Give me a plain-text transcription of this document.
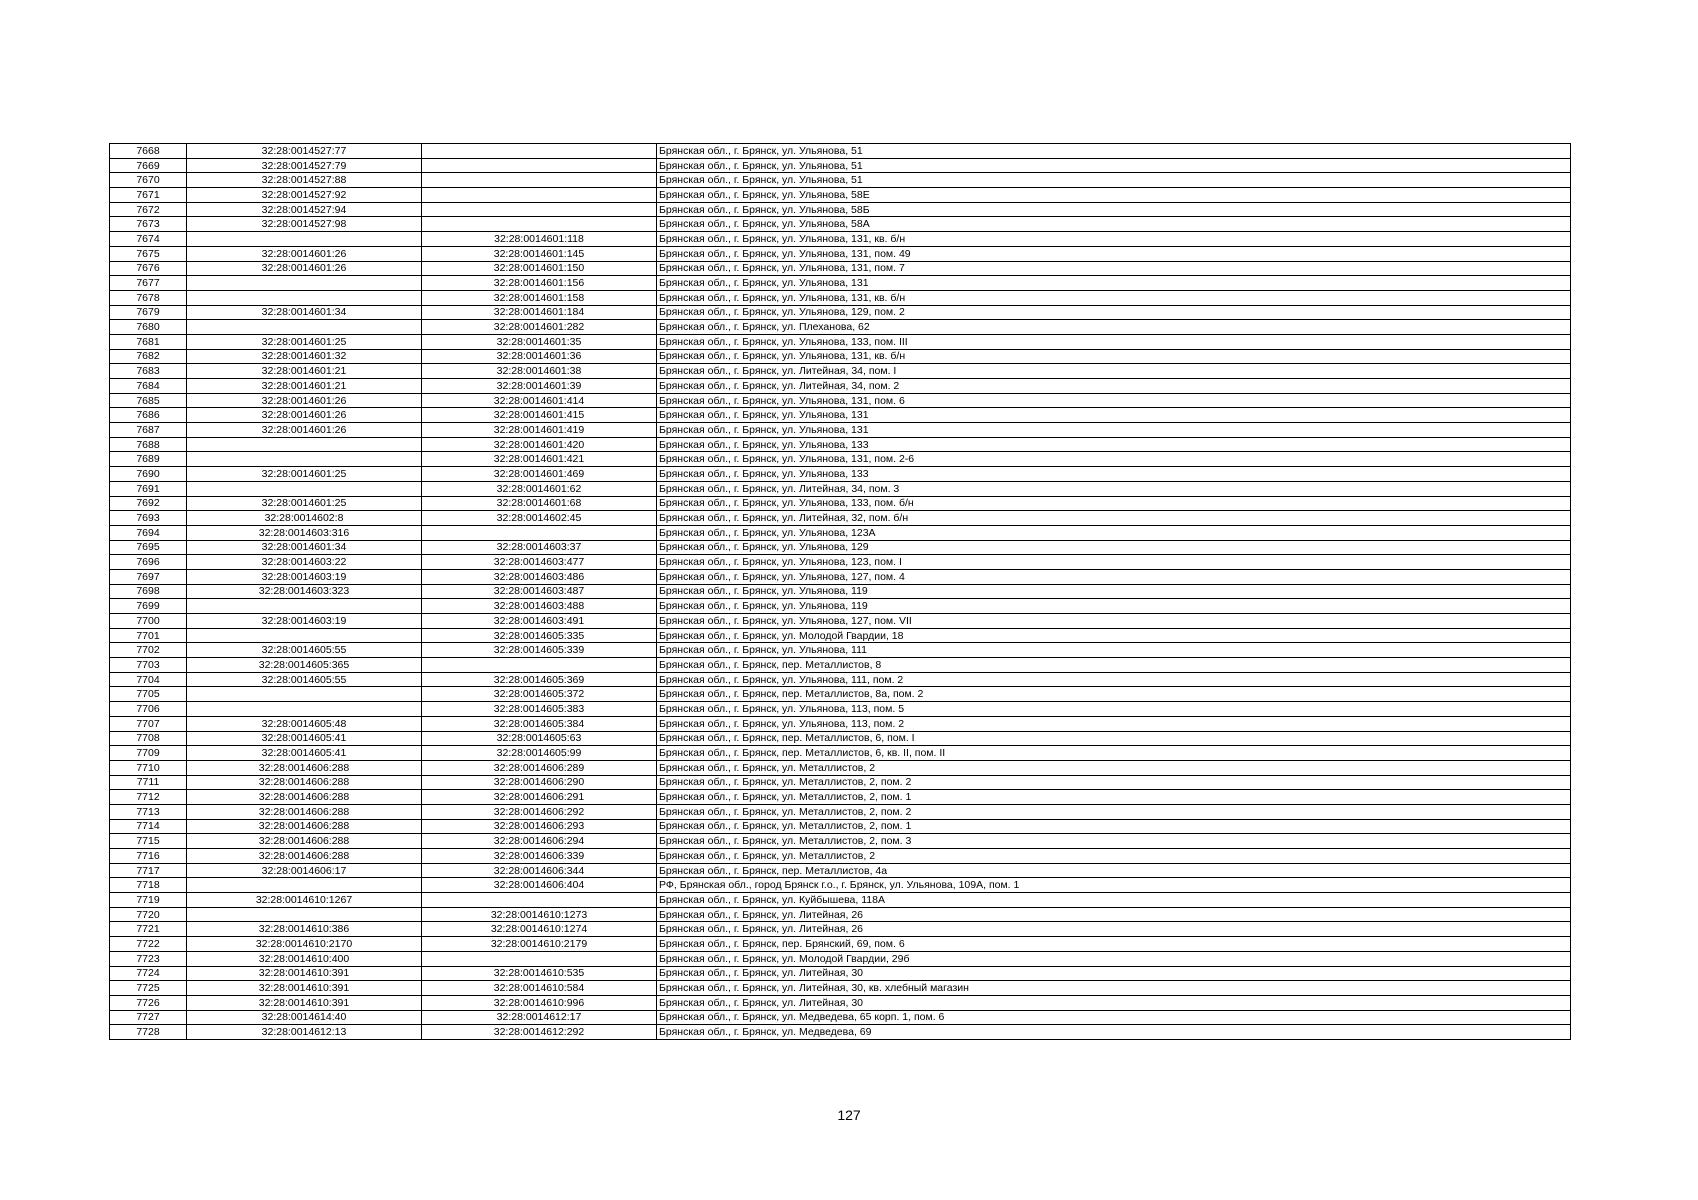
7668	32:28:0014527:77		Брянская обл., г. Брянск, ул. Ульянова, 51
7669	32:28:0014527:79		Брянская обл., г. Брянск, ул. Ульянова, 51
7670	32:28:0014527:88		Брянская обл., г. Брянск, ул. Ульянова, 51
7671	32:28:0014527:92		Брянская обл., г. Брянск, ул. Ульянова, 58Е
7672	32:28:0014527:94		Брянская обл., г. Брянск, ул. Ульянова, 58Б
7673	32:28:0014527:98		Брянская обл., г. Брянск, ул. Ульянова, 58А
7674		32:28:0014601:118	Брянская обл., г. Брянск, ул. Ульянова, 131, кв. б/н
7675	32:28:0014601:26	32:28:0014601:145	Брянская обл., г. Брянск, ул. Ульянова, 131, пом. 49
7676	32:28:0014601:26	32:28:0014601:150	Брянская обл., г. Брянск, ул. Ульянова, 131, пом. 7
7677		32:28:0014601:156	Брянская обл., г. Брянск, ул. Ульянова, 131
7678		32:28:0014601:158	Брянская обл., г. Брянск, ул. Ульянова, 131, кв. б/н
7679	32:28:0014601:34	32:28:0014601:184	Брянская обл., г. Брянск, ул. Ульянова, 129, пом. 2
7680		32:28:0014601:282	Брянская обл., г. Брянск, ул. Плеханова, 62
7681	32:28:0014601:25	32:28:0014601:35	Брянская обл., г. Брянск, ул. Ульянова, 133, пом. III
7682	32:28:0014601:32	32:28:0014601:36	Брянская обл., г. Брянск, ул. Ульянова, 131, кв. б/н
7683	32:28:0014601:21	32:28:0014601:38	Брянская обл., г. Брянск, ул. Литейная, 34, пом. I
7684	32:28:0014601:21	32:28:0014601:39	Брянская обл., г. Брянск, ул. Литейная, 34, пом. 2
7685	32:28:0014601:26	32:28:0014601:414	Брянская обл., г. Брянск, ул. Ульянова, 131, пом. 6
7686	32:28:0014601:26	32:28:0014601:415	Брянская обл., г. Брянск, ул. Ульянова, 131
7687	32:28:0014601:26	32:28:0014601:419	Брянская обл., г. Брянск, ул. Ульянова, 131
7688		32:28:0014601:420	Брянская обл., г. Брянск, ул. Ульянова, 133
7689		32:28:0014601:421	Брянская обл., г. Брянск, ул. Ульянова, 131, пом. 2-6
7690	32:28:0014601:25	32:28:0014601:469	Брянская обл., г. Брянск, ул. Ульянова, 133
7691		32:28:0014601:62	Брянская обл., г. Брянск, ул. Литейная, 34, пом. 3
7692	32:28:0014601:25	32:28:0014601:68	Брянская обл., г. Брянск, ул. Ульянова, 133, пом. б/н
7693	32:28:0014602:8	32:28:0014602:45	Брянская обл., г. Брянск, ул. Литейная, 32, пом. б/н
7694	32:28:0014603:316		Брянская обл., г. Брянск, ул. Ульянова, 123А
7695	32:28:0014601:34	32:28:0014603:37	Брянская обл., г. Брянск, ул. Ульянова, 129
7696	32:28:0014603:22	32:28:0014603:477	Брянская обл., г. Брянск, ул. Ульянова, 123, пом. I
7697	32:28:0014603:19	32:28:0014603:486	Брянская обл., г. Брянск, ул. Ульянова, 127, пом. 4
7698	32:28:0014603:323	32:28:0014603:487	Брянская обл., г. Брянск, ул. Ульянова, 119
7699		32:28:0014603:488	Брянская обл., г. Брянск, ул. Ульянова, 119
7700	32:28:0014603:19	32:28:0014603:491	Брянская обл., г. Брянск, ул. Ульянова, 127, пом. VII
7701		32:28:0014605:335	Брянская обл., г. Брянск, ул. Молодой Гвардии, 18
7702	32:28:0014605:55	32:28:0014605:339	Брянская обл., г. Брянск, ул. Ульянова, 111
7703	32:28:0014605:365		Брянская обл., г. Брянск, пер. Металлистов, 8
7704	32:28:0014605:55	32:28:0014605:369	Брянская обл., г. Брянск, ул. Ульянова, 111, пом. 2
7705		32:28:0014605:372	Брянская обл., г. Брянск, пер. Металлистов, 8а, пом. 2
7706		32:28:0014605:383	Брянская обл., г. Брянск, ул. Ульянова, 113, пом. 5
7707	32:28:0014605:48	32:28:0014605:384	Брянская обл., г. Брянск, ул. Ульянова, 113, пом. 2
7708	32:28:0014605:41	32:28:0014605:63	Брянская обл., г. Брянск, пер. Металлистов, 6, пом. I
7709	32:28:0014605:41	32:28:0014605:99	Брянская обл., г. Брянск, пер. Металлистов, 6, кв. II, пом. II
7710	32:28:0014606:288	32:28:0014606:289	Брянская обл., г. Брянск, ул. Металлистов, 2
7711	32:28:0014606:288	32:28:0014606:290	Брянская обл., г. Брянск, ул. Металлистов, 2, пом. 2
7712	32:28:0014606:288	32:28:0014606:291	Брянская обл., г. Брянск, ул. Металлистов, 2, пом. 1
7713	32:28:0014606:288	32:28:0014606:292	Брянская обл., г. Брянск, ул. Металлистов, 2, пом. 2
7714	32:28:0014606:288	32:28:0014606:293	Брянская обл., г. Брянск, ул. Металлистов, 2, пом. 1
7715	32:28:0014606:288	32:28:0014606:294	Брянская обл., г. Брянск, ул. Металлистов, 2, пом. 3
7716	32:28:0014606:288	32:28:0014606:339	Брянская обл., г. Брянск, ул. Металлистов, 2
7717	32:28:0014606:17	32:28:0014606:344	Брянская обл., г. Брянск, пер. Металлистов, 4а
7718		32:28:0014606:404	РФ, Брянская обл., город Брянск г.о., г. Брянск, ул. Ульянова, 109А, пом. 1
7719	32:28:0014610:1267		Брянская обл., г. Брянск, ул. Куйбышева, 118А
7720		32:28:0014610:1273	Брянская обл., г. Брянск, ул. Литейная, 26
7721	32:28:0014610:386	32:28:0014610:1274	Брянская обл., г. Брянск, ул. Литейная, 26
7722	32:28:0014610:2170	32:28:0014610:2179	Брянская обл., г. Брянск, пер. Брянский, 69, пом. 6
7723	32:28:0014610:400		Брянская обл., г. Брянск, ул. Молодой Гвардии, 29б
7724	32:28:0014610:391	32:28:0014610:535	Брянская обл., г. Брянск, ул. Литейная, 30
7725	32:28:0014610:391	32:28:0014610:584	Брянская обл., г. Брянск, ул. Литейная, 30, кв. хлебный магазин
7726	32:28:0014610:391	32:28:0014610:996	Брянская обл., г. Брянск, ул. Литейная, 30
7727	32:28:0014614:40	32:28:0014612:17	Брянская обл., г. Брянск, ул. Медведева, 65 корп. 1, пом. 6
7728	32:28:0014612:13	32:28:0014612:292	Брянская обл., г. Брянск, ул. Медведева, 69
127
